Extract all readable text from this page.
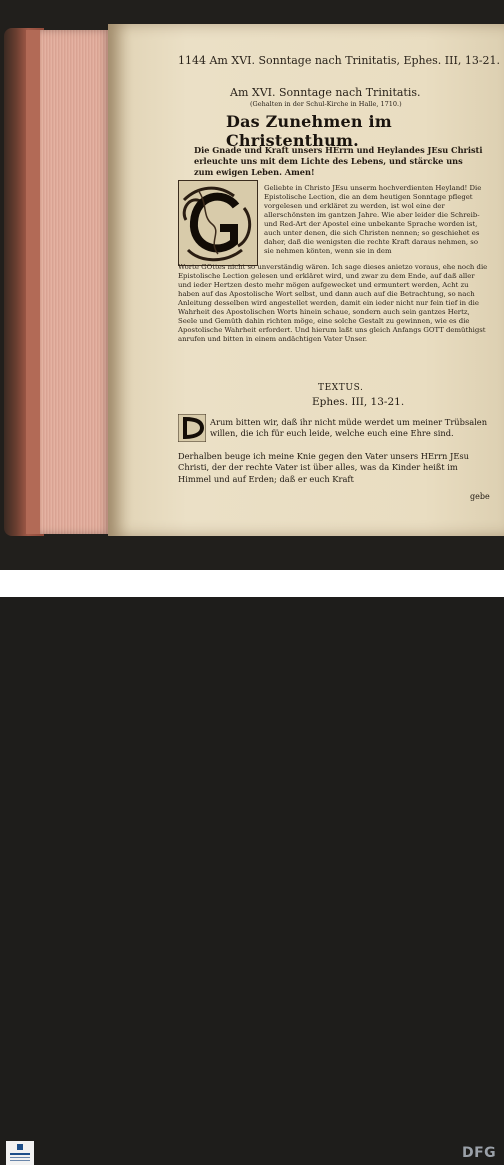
1144 Am XVI. Sonntage nach Trinitatis, Ephes. III, 13-21.
Am XVI. Sonntage nach Trinitatis.
(Gehalten in der Schul-Kirche in Halle, 1710.)
Das Zunehmen im Christenthum.
Die Gnade und Kraft unsers HErrn und Heylandes JEsu Christi erleuchte uns mit dem Lichte des Lebens, und stärcke uns zum ewigen Leben. Amen!
Geliebte in Christo JEsu unserm hochverdienten Heyland! Die Epistolische Lection, die an dem heutigen Sonntage pfleget vorgelesen und erkläret zu werden, ist wol eine der allerschönsten im gantzen Jahre. Wie aber leider die Schreib-und Red-Art der Apostel eine unbekante Sprache worden ist, auch unter denen, die sich Christen nennen; so geschiehet es daher, daß die wenigsten die rechte Kraft daraus nehmen, so sie nehmen könten, wenn sie in dem
Worte GOttes nicht so unverständig wären. Ich sage dieses anietzo voraus, ehe noch die Epistolische Lection gelesen und erkläret wird, und zwar zu dem Ende, auf daß aller und ieder Hertzen desto mehr mögen aufgewecket und ermuntert werden, Acht zu haben auf das Apostolische Wort selbst, und dann auch auf die Betrachtung, so nach Anleitung desselben wird angestellet werden, damit ein ieder nicht nur fein tief in die Wahrheit des Apostolischen Worts hinein schaue, sondern auch sein gantzes Hertz, Seele und Gemüth dahin richten möge, eine solche Gestalt zu gewinnen, wie es die Apostolische Wahrheit erfordert. Und hierum laßt uns gleich Anfangs GOTT demüthigst anrufen und bitten in einem andächtigen Vater Unser.
TEXTUS.
Ephes. III, 13-21.
Arum bitten wir, daß ihr nicht müde werdet um meiner Trübsalen willen, die ich für euch leide, welche euch eine Ehre sind.
Derhalben beuge ich meine Knie gegen den Vater unsers HErrn JEsu Christi, der der rechte Vater ist über alles, was da Kinder heißt im Himmel und auf Erden; daß er euch Kraft
gebe
DFG
